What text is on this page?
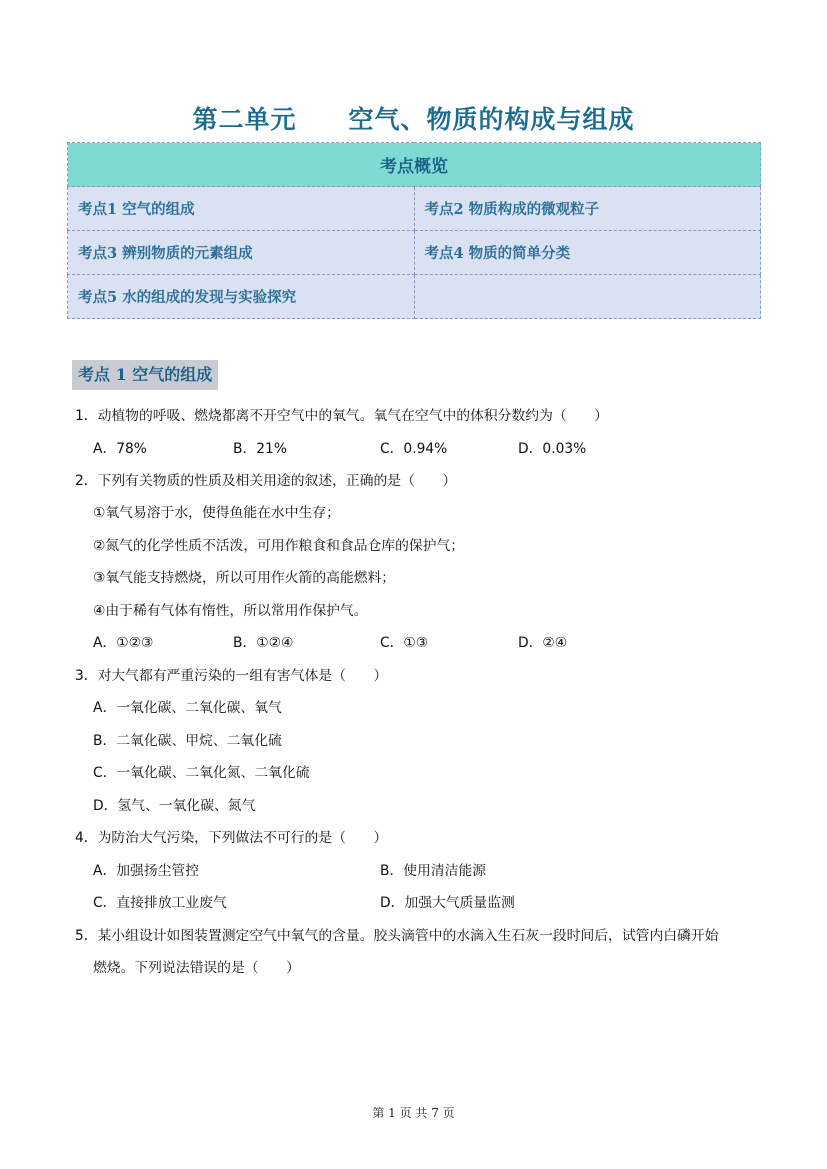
第二单元　　空气、物质的构成与组成
考点概览	
考点1 空气的组成	考点2 物质构成的微观粒子
考点3 辨别物质的元素组成	考点4 物质的简单分类
考点5 水的组成的发现与实验探究	
考点 1 空气的组成
1．动植物的呼吸、燃烧都离不开空气中的氧气。氧气在空气中的体积分数约为（　　）
A．78%	B．21%	C．0.94%	D．0.03%
2．下列有关物质的性质及相关用途的叙述，正确的是（　　）
①氧气易溶于水，使得鱼能在水中生存；
②氮气的化学性质不活泼，可用作粮食和食品仓库的保护气；
③氧气能支持燃烧，所以可用作火箭的高能燃料；
④由于稀有气体有惰性，所以常用作保护气。
A．①②③	B．①②④	C．①③	D．②④
3．对大气都有严重污染的一组有害气体是（　　）
A．一氧化碳、二氧化碳、氧气
B．二氧化碳、甲烷、二氧化硫
C．一氧化碳、二氧化氮、二氧化硫
D．氢气、一氧化碳、氮气
4．为防治大气污染，下列做法不可行的是（　　）
A．加强扬尘管控	B．使用清洁能源
C．直接排放工业废气	D．加强大气质量监测
5．某小组设计如图装置测定空气中氧气的含量。胶头滴管中的水滴入生石灰一段时间后，试管内白磷开始
燃烧。下列说法错误的是（　　）
第 1 页 共 7 页
